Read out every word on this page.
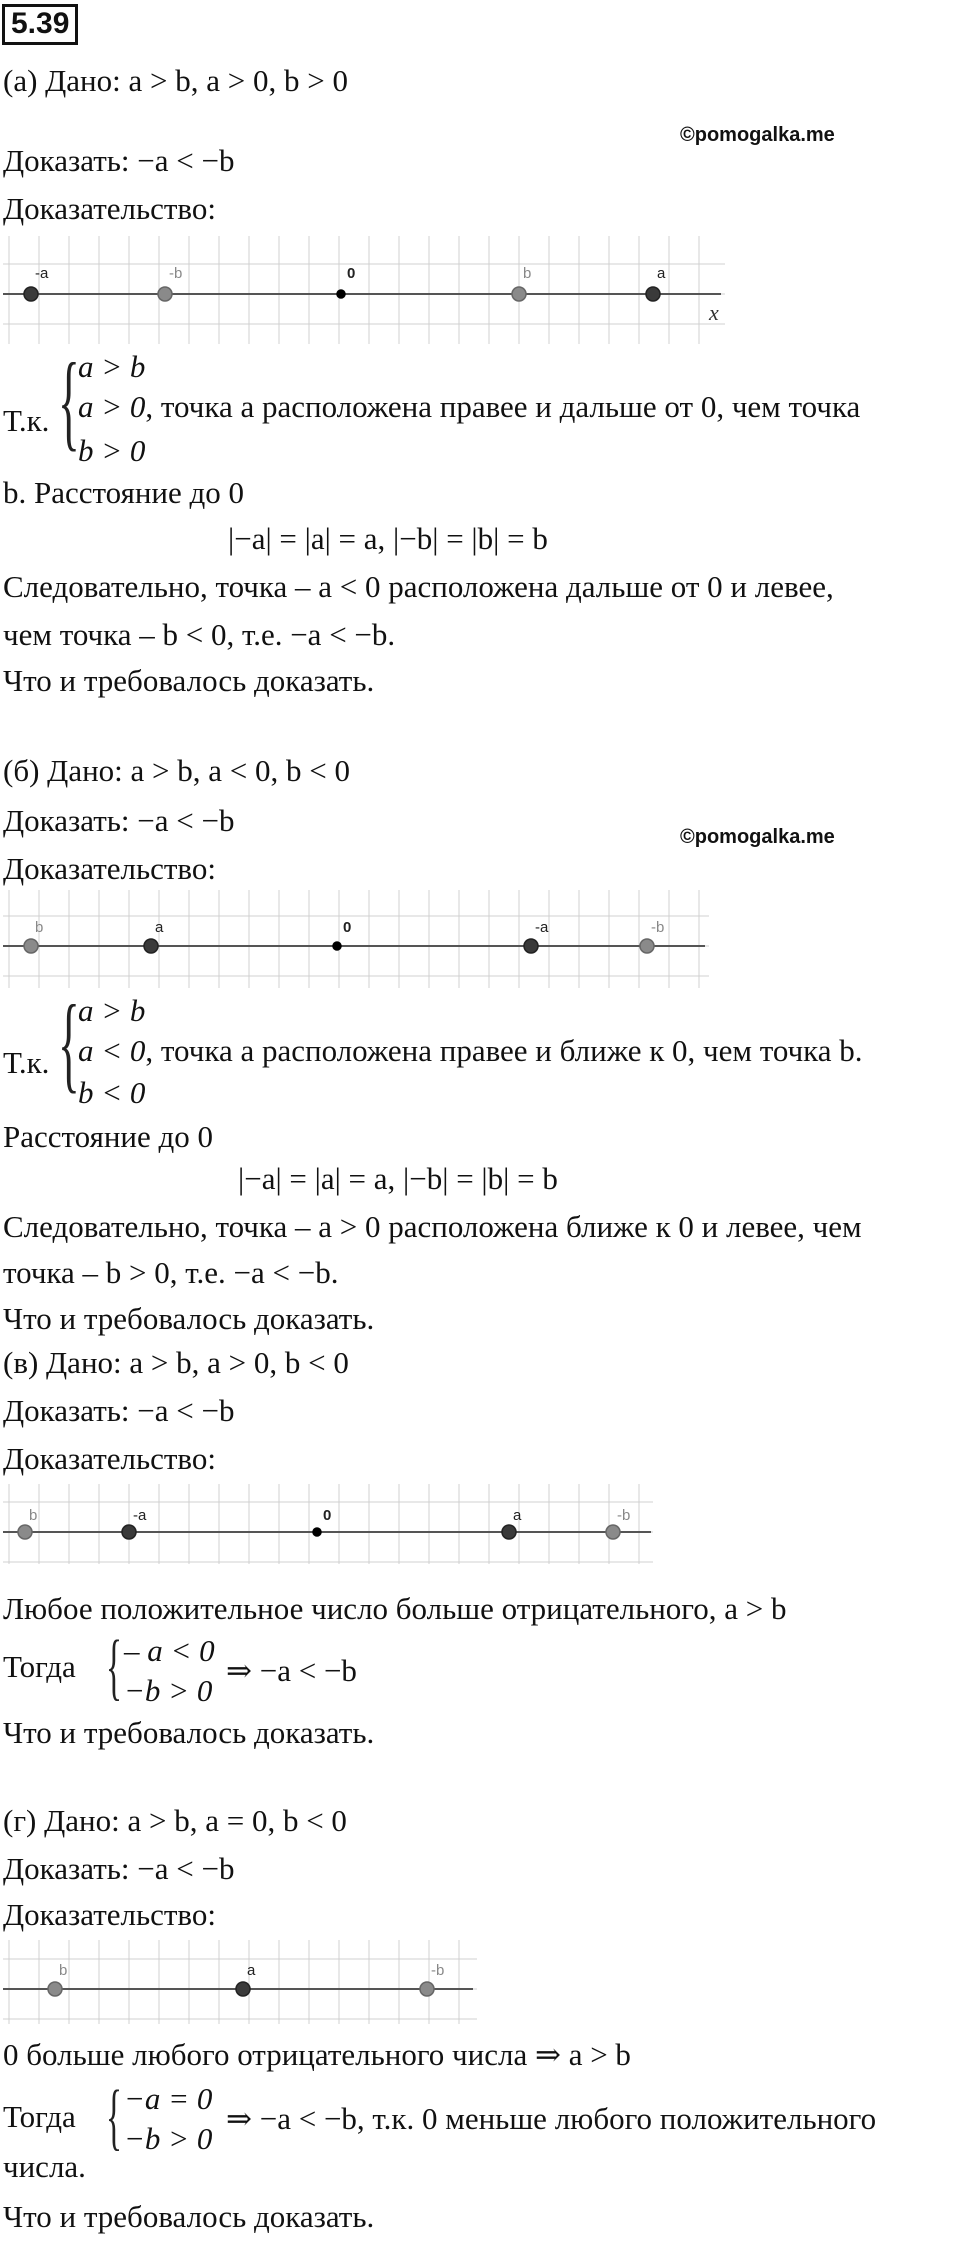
5.39

(а) Дано: a > b, a > 0, b > 0

©pomogalka.me

Доказать: −a < −b

Доказательство:

x
-a	-b	0	b	a

Т.к. {

a > b

a > 0, точка a расположена правее и дальше от 0, чем точка

b > 0

b. Расстояние до 0

|−a| = |a| = a, |−b| = |b| = b

Следовательно, точка – a < 0 расположена дальше от 0 и левее,

чем точка – b < 0, т.е. −a < −b.

Что и требовалось доказать.

(б) Дано: a > b, a < 0, b < 0

Доказать: −a < −b	©pomogalka.me

Доказательство:

b	a	0	-a	-b

Т.к. {

a > b

a < 0, точка a расположена правее и ближе к 0, чем точка b.

b < 0

Расстояние до 0

|−a| = |a| = a, |−b| = |b| = b

Следовательно, точка – a > 0 расположена ближе к 0 и левее, чем

точка – b > 0, т.е. −a < −b.

Что и требовалось доказать.

(в) Дано: a > b, a > 0, b < 0

Доказать: −a < −b

Доказательство:

b	-a	0	a	-b

Любое положительное число больше отрицательного, a > b

Тогда { – a < 0

−b > 0

⇒ −a < −b

Что и требовалось доказать.

(г) Дано: a > b, a = 0, b < 0

Доказать: −a < −b

Доказательство:

b	a	-b

0 больше любого отрицательного числа ⇒ a > b

Тогда { −a = 0

−b > 0

⇒ −a < −b, т.к. 0 меньше любого положительного

числа.

Что и требовалось доказать.
